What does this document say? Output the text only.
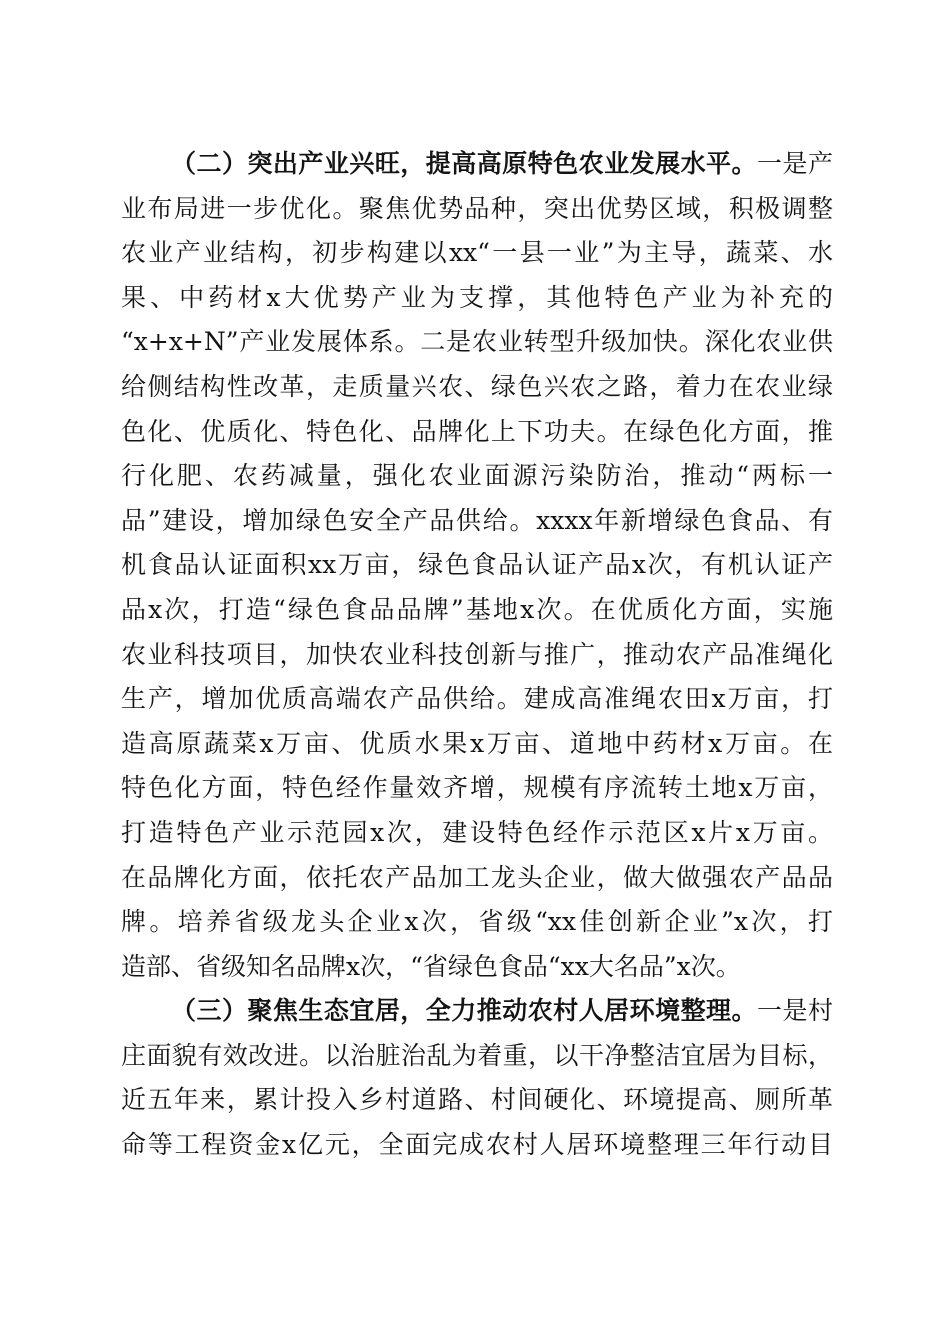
（二）突出产业兴旺，提高高原特色农业发展水平。一是产
业布局进一步优化。聚焦优势品种，突出优势区域，积极调整
农业产业结构，初步构建以xx“一县一业”为主导，蔬菜、水
果、中药材x大优势产业为支撑，其他特色产业为补充的
“x+x+N”产业发展体系。二是农业转型升级加快。深化农业供
给侧结构性改革，走质量兴农、绿色兴农之路，着力在农业绿
色化、优质化、特色化、品牌化上下功夫。在绿色化方面，推
行化肥、农药减量，强化农业面源污染防治，推动“两标一
品”建设，增加绿色安全产品供给。xxxx年新增绿色食品、有
机食品认证面积xx万亩，绿色食品认证产品x次，有机认证产
品x次，打造“绿色食品品牌”基地x次。在优质化方面，实施
农业科技项目，加快农业科技创新与推广，推动农产品准绳化
生产，增加优质高端农产品供给。建成高准绳农田x万亩，打
造高原蔬菜x万亩、优质水果x万亩、道地中药材x万亩。在
特色化方面，特色经作量效齐增，规模有序流转土地x万亩，
打造特色产业示范园x次，建设特色经作示范区x片x万亩。
在品牌化方面，依托农产品加工龙头企业，做大做强农产品品
牌。培养省级龙头企业x次，省级“xx佳创新企业”x次，打
造部、省级知名品牌x次，“省绿色食品“xx大名品”x次。
（三）聚焦生态宜居，全力推动农村人居环境整理。一是村
庄面貌有效改进。以治脏治乱为着重，以干净整洁宜居为目标，
近五年来，累计投入乡村道路、村间硬化、环境提高、厕所革
命等工程资金x亿元，全面完成农村人居环境整理三年行动目
